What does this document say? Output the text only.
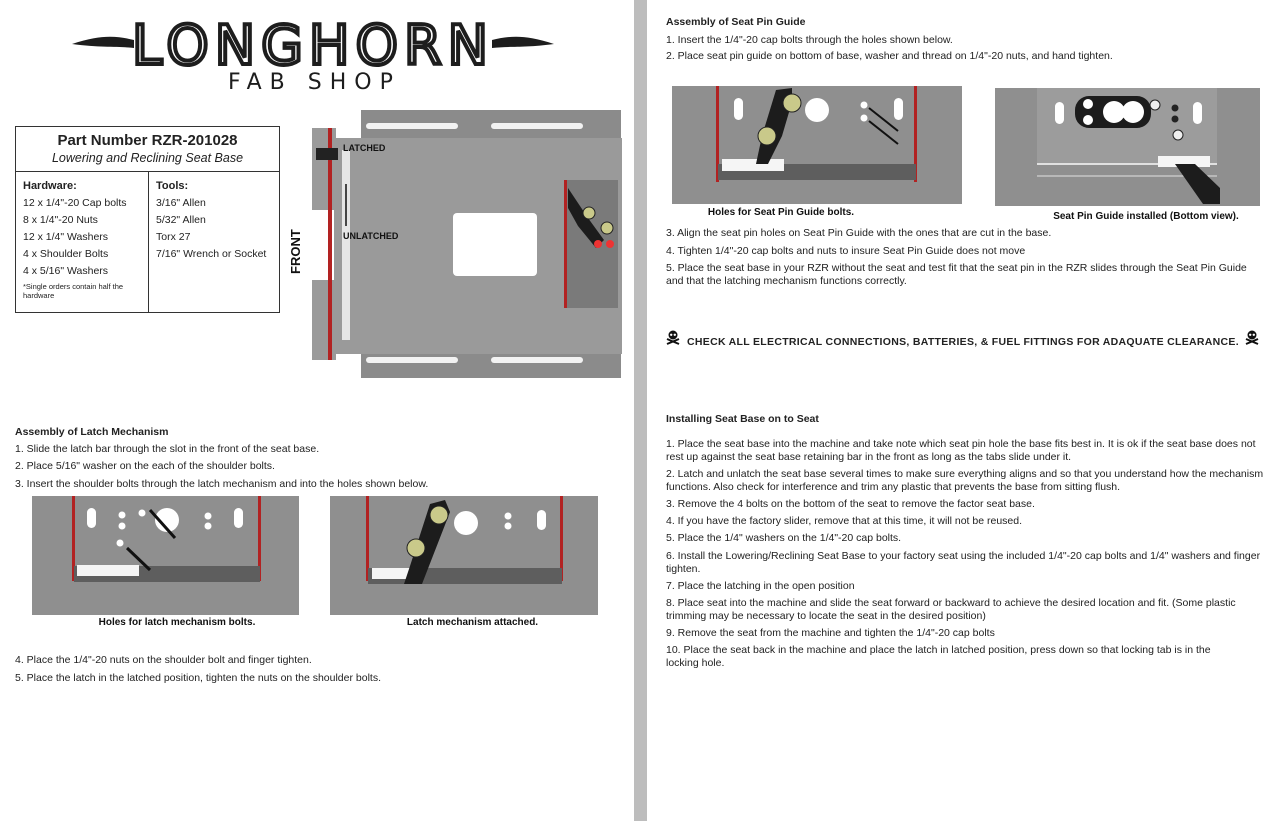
LONGHORN
FAB SHOP
Part Number RZR-201028
Lowering and Reclining Seat Base
Hardware:
12 x 1/4"-20 Cap bolts
8 x 1/4"-20 Nuts
12 x 1/4" Washers
4 x Shoulder Bolts
4 x 5/16" Washers
*Single orders contain half the hardware
Tools:
3/16" Allen
5/32" Allen
Torx 27
7/16" Wrench or Socket
LATCHED
UNLATCHED
FRONT
Assembly of Latch Mechanism
1. Slide the latch bar through the slot in the front of the seat base.
2. Place 5/16" washer on the each of the shoulder bolts.
3. Insert the shoulder bolts through the latch mechanism and into the holes shown below.
Holes for latch mechanism bolts.	Latch mechanism attached.
4. Place the 1/4"-20 nuts on the shoulder bolt and finger tighten.
5. Place the latch in the latched position, tighten the nuts on the shoulder bolts.
Assembly of Seat Pin Guide
1. Insert the 1/4"-20 cap bolts through the holes shown below.
2. Place seat pin guide on bottom of base, washer and thread on 1/4"-20 nuts, and hand tighten.
Holes for Seat Pin Guide bolts.	Seat Pin Guide installed (Bottom view).
3. Align the seat pin holes on Seat Pin Guide with the ones that are cut in the base.
4. Tighten 1/4"-20 cap bolts and nuts to insure Seat Pin Guide does not move
5. Place the seat base in your RZR without the seat and test fit that the seat pin in the RZR slides through the Seat Pin Guide and that the latching mechanism functions correctly.
CHECK ALL ELECTRICAL CONNECTIONS, BATTERIES, & FUEL FITTINGS FOR ADAQUATE CLEARANCE.
Installing Seat Base on to Seat
1. Place the seat base into the machine and take note which seat pin hole the base fits best in. It is ok if the seat base does not rest up against the seat base retaining bar in the front as long as the tabs slide under it.
2. Latch and unlatch the seat base several times to make sure everything aligns and so that you understand how the mechanism functions. Also check for interference and trim any plastic that prevents the base from sitting flush.
3. Remove the 4 bolts on the bottom of the seat to remove the factor seat base.
4. If you have the factory slider, remove that at this time, it will not be reused.
5. Place the 1/4" washers on the 1/4"-20 cap bolts.
6. Install the Lowering/Reclining Seat Base to your factory seat using the included 1/4"-20 cap bolts and 1/4" washers and finger tighten.
7. Place the latching in the open position
8. Place seat into the machine and slide the seat forward or backward to achieve the desired location and fit. (Some plastic trimming may be necessary to locate the seat in the desired position)
9. Remove the seat from the machine and tighten the 1/4"-20 cap bolts
10. Place the seat back in the machine and place the latch in latched position, press down so that locking tab is in the locking hole.
